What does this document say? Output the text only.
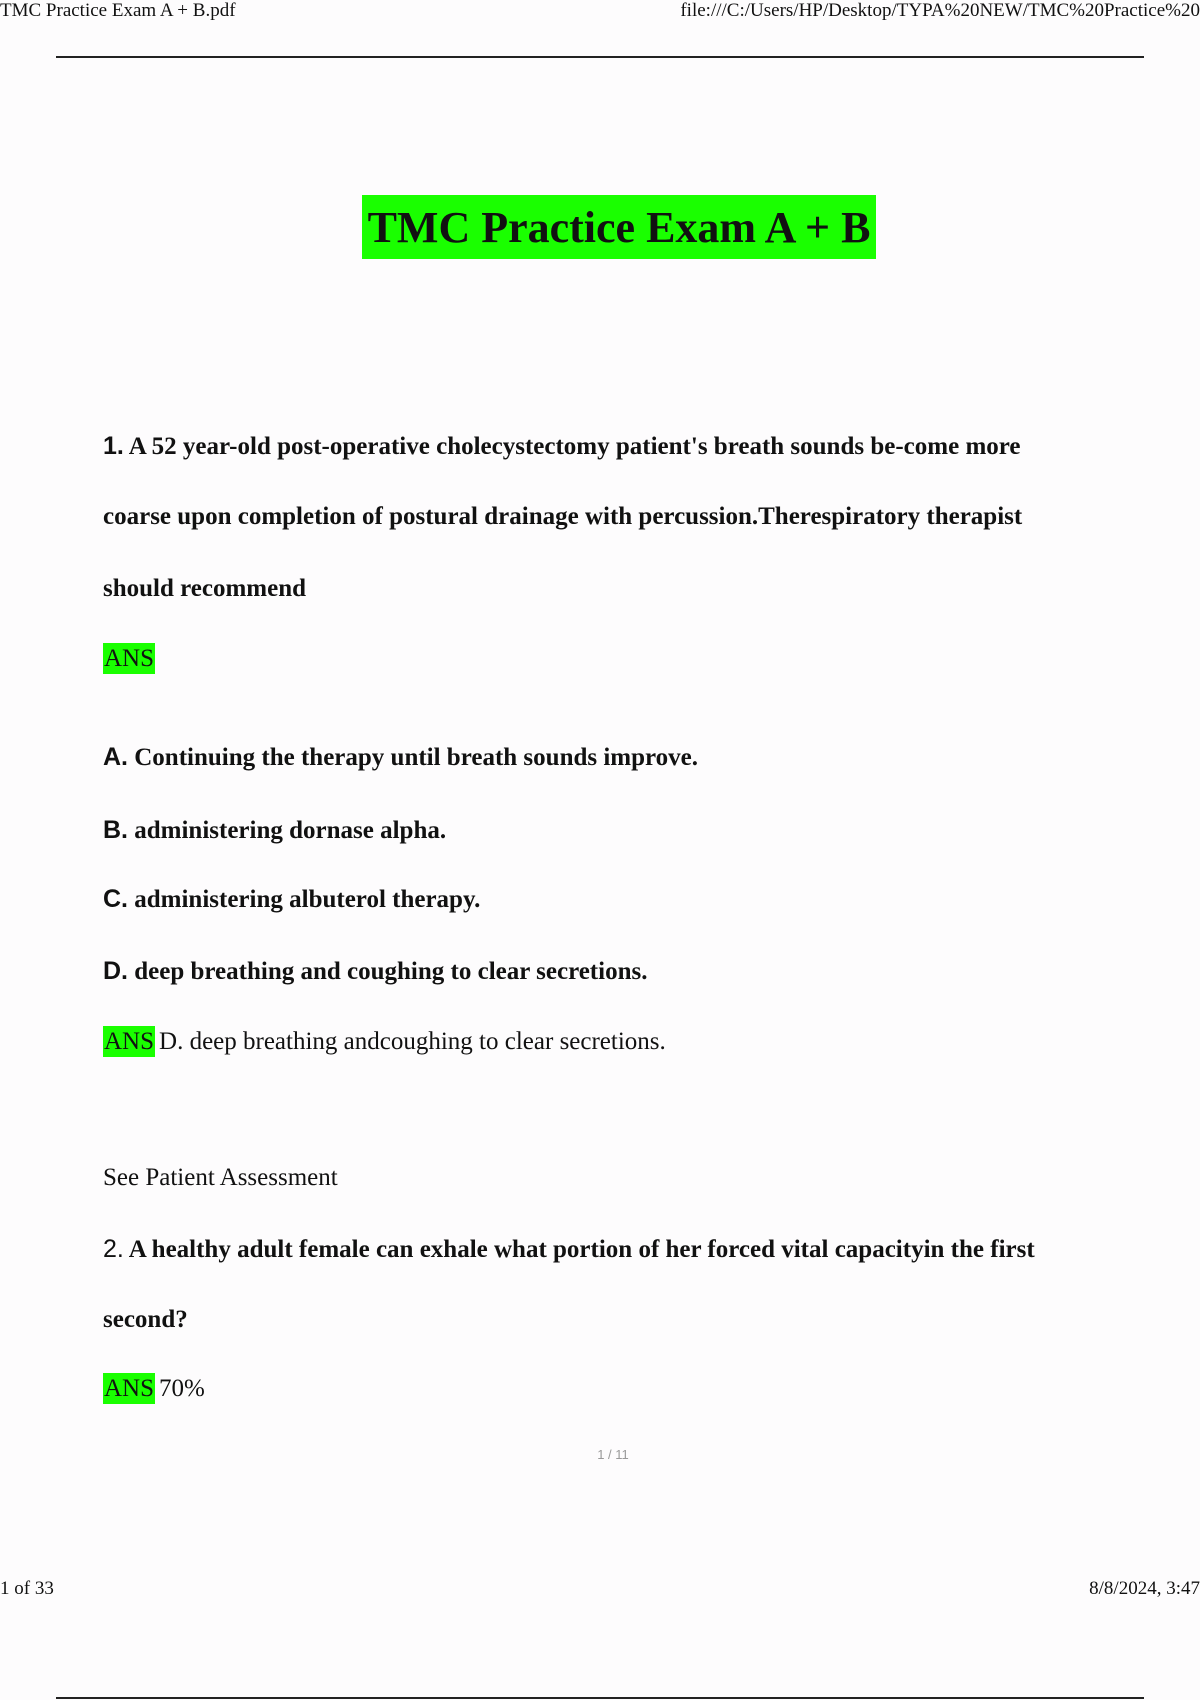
TMC Practice Exam A + B.pdf	file:///C:/Users/HP/Desktop/TYPA%20NEW/TMC%20Practice%20
TMC Practice Exam A + B
1. A 52 year-old post-operative cholecystectomy patient's breath sounds be-come more
coarse upon completion of postural drainage with percussion.Therespiratory therapist
should recommend
ANS
A. Continuing the therapy until breath sounds improve.
B. administering dornase alpha.
C. administering albuterol therapy.
D. deep breathing and coughing to clear secretions.
ANS D. deep breathing andcoughing to clear secretions.
See Patient Assessment
2. A healthy adult female can exhale what portion of her forced vital capacityin the first
second?
ANS 70%
1 / 11
1 of 33	8/8/2024, 3:47
